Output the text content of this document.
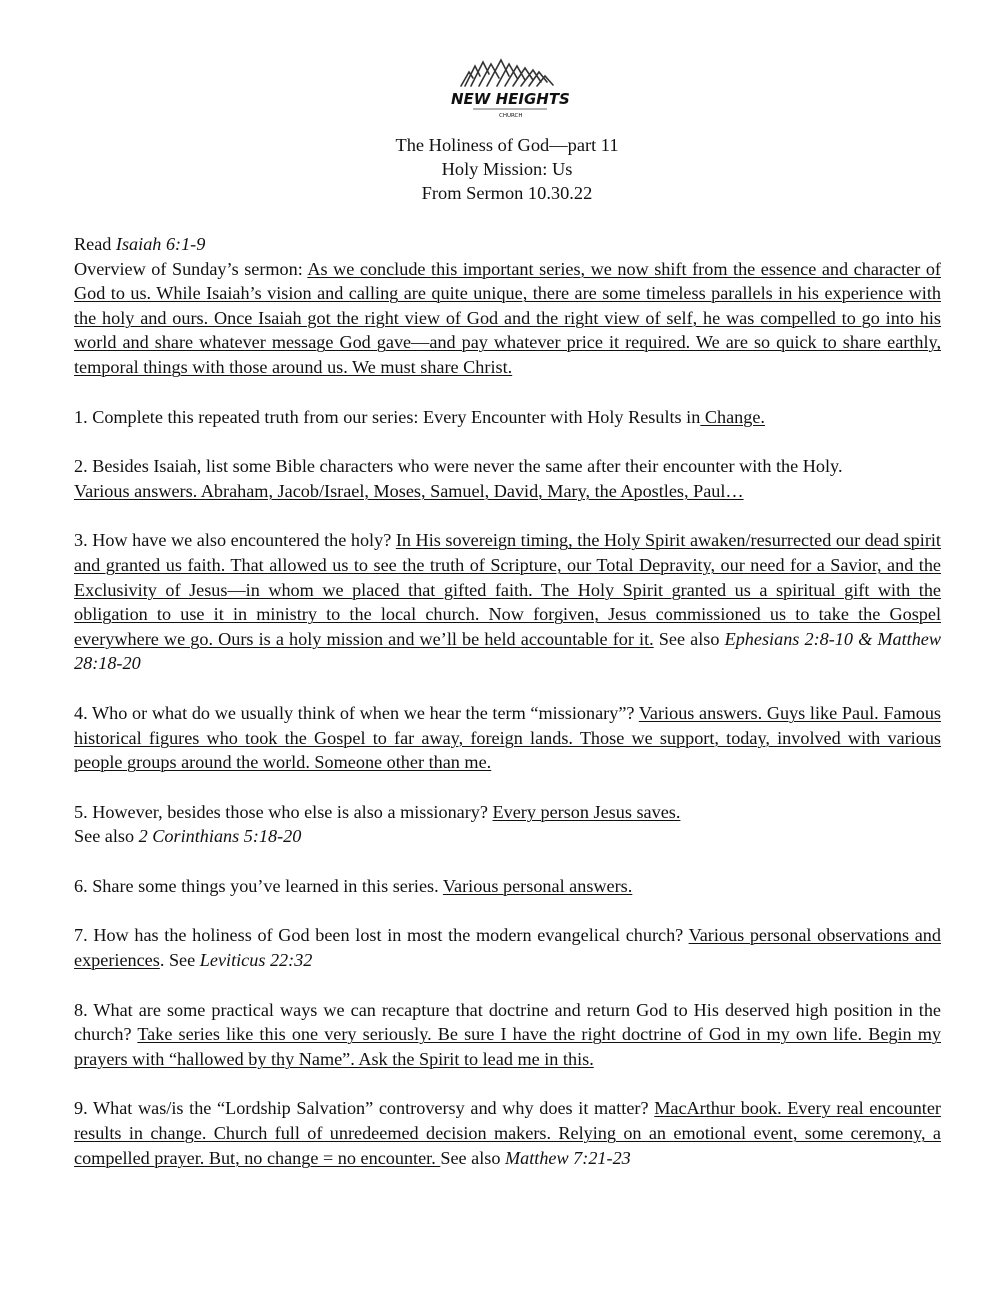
NEW HEIGHTS
CHURCH
The Holiness of God—part 11
Holy Mission: Us
From Sermon 10.30.22

Read Isaiah 6:1-9

Overview of Sunday’s sermon: As we conclude this important series, we now shift from the essence and character of God to us. While Isaiah’s vision and calling are quite unique, there are some timeless parallels in his experience with the holy and ours. Once Isaiah got the right view of God and the right view of self, he was compelled to go into his world and share whatever message God gave—and pay whatever price it required. We are so quick to share earthly, temporal things with those around us. We must share Christ.

1. Complete this repeated truth from our series: Every Encounter with Holy Results in Change.

2. Besides Isaiah, list some Bible characters who were never the same after their encounter with the Holy.
Various answers. Abraham, Jacob/Israel, Moses, Samuel, David, Mary, the Apostles, Paul…

3. How have we also encountered the holy? In His sovereign timing, the Holy Spirit awaken/resurrected our dead spirit and granted us faith. That allowed us to see the truth of Scripture, our Total Depravity, our need for a Savior, and the Exclusivity of Jesus—in whom we placed that gifted faith. The Holy Spirit granted us a spiritual gift with the obligation to use it in ministry to the local church. Now forgiven, Jesus commissioned us to take the Gospel everywhere we go. Ours is a holy mission and we’ll be held accountable for it. See also Ephesians 2:8-10 & Matthew 28:18-20

4. Who or what do we usually think of when we hear the term “missionary”? Various answers. Guys like Paul. Famous historical figures who took the Gospel to far away, foreign lands. Those we support, today, involved with various people groups around the world. Someone other than me.

5. However, besides those who else is also a missionary? Every person Jesus saves.
See also 2 Corinthians 5:18-20

6. Share some things you’ve learned in this series. Various personal answers.

7. How has the holiness of God been lost in most the modern evangelical church? Various personal observations and experiences. See Leviticus 22:32

8. What are some practical ways we can recapture that doctrine and return God to His deserved high position in the church? Take series like this one very seriously. Be sure I have the right doctrine of God in my own life. Begin my prayers with “hallowed by thy Name”. Ask the Spirit to lead me in this.

9. What was/is the “Lordship Salvation” controversy and why does it matter? MacArthur book. Every real encounter results in change. Church full of unredeemed decision makers. Relying on an emotional event, some ceremony, a compelled prayer. But, no change = no encounter. See also Matthew 7:21-23
